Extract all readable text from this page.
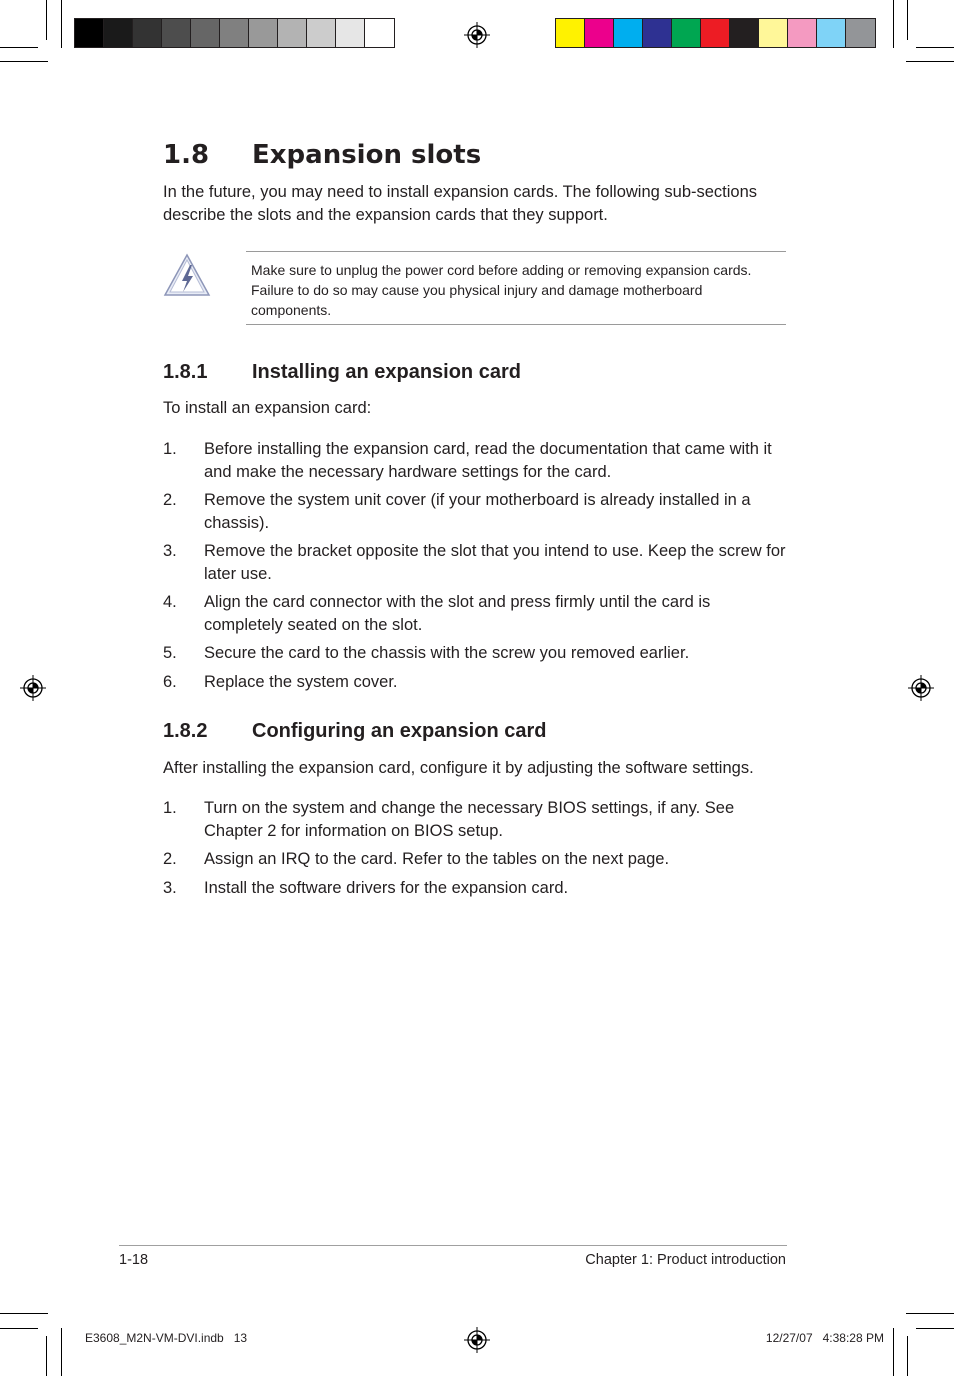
1.8	Expansion slots
In the future, you may need to install expansion cards. The following sub-sections describe the slots and the expansion cards that they support.
Make sure to unplug the power cord before adding or removing expansion cards. Failure to do so may cause you physical injury and damage motherboard components.
1.8.1	Installing an expansion card
To install an expansion card:
1.	Before installing the expansion card, read the documentation that came with it and make the necessary hardware settings for the card.
2.	Remove the system unit cover (if your motherboard is already installed in a chassis).
3.	Remove the bracket opposite the slot that you intend to use. Keep the screw for later use.
4.	Align the card connector with the slot and press firmly until the card is completely seated on the slot.
5.	Secure the card to the chassis with the screw you removed earlier.
6.	Replace the system cover.
1.8.2	Configuring an expansion card
After installing the expansion card, configure it by adjusting the software settings.
1.	Turn on the system and change the necessary BIOS settings, if any. See Chapter 2 for information on BIOS setup.
2.	Assign an IRQ to the card. Refer to the tables on the next page.
3.	Install the software drivers for the expansion card.
1-18	Chapter 1: Product introduction
E3608_M2N-VM-DVI.indb   13	12/27/07   4:38:28 PM
